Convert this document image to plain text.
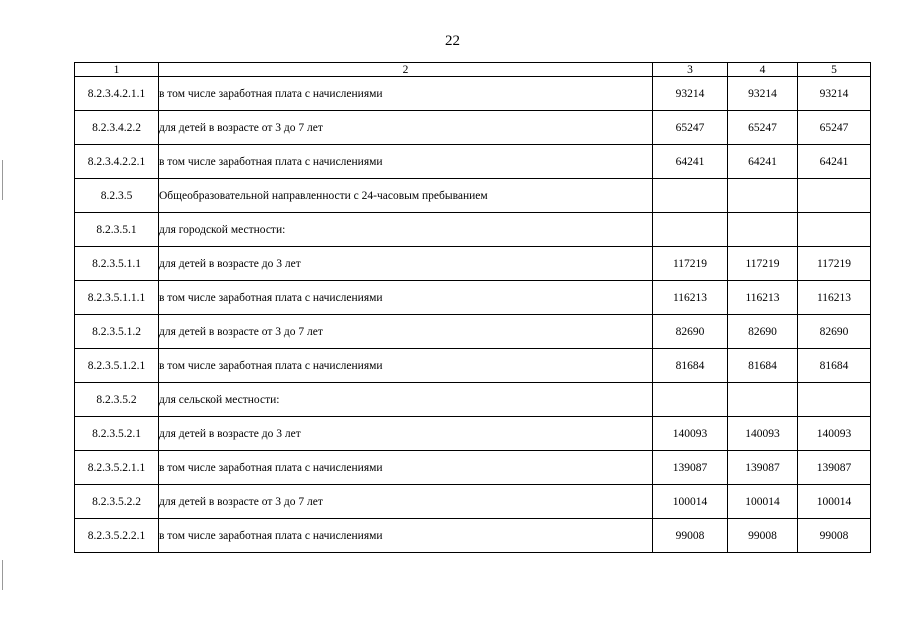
22
1	2	3	4	5
8.2.3.4.2.1.1	в том числе заработная плата с начислениями	93214	93214	93214
8.2.3.4.2.2	для детей в возрасте от 3 до 7 лет	65247	65247	65247
8.2.3.4.2.2.1	в том числе заработная плата с начислениями	64241	64241	64241
8.2.3.5	Общеобразовательной направленности с 24-часовым пребыванием			
8.2.3.5.1	для городской местности:			
8.2.3.5.1.1	для детей в возрасте до 3 лет	117219	117219	117219
8.2.3.5.1.1.1	в том числе заработная плата с начислениями	116213	116213	116213
8.2.3.5.1.2	для детей в возрасте от 3 до 7 лет	82690	82690	82690
8.2.3.5.1.2.1	в том числе заработная плата с начислениями	81684	81684	81684
8.2.3.5.2	для сельской местности:			
8.2.3.5.2.1	для детей в возрасте до 3 лет	140093	140093	140093
8.2.3.5.2.1.1	в том числе заработная плата с начислениями	139087	139087	139087
8.2.3.5.2.2	для детей в возрасте от 3 до 7 лет	100014	100014	100014
8.2.3.5.2.2.1	в том числе заработная плата с начислениями	99008	99008	99008
